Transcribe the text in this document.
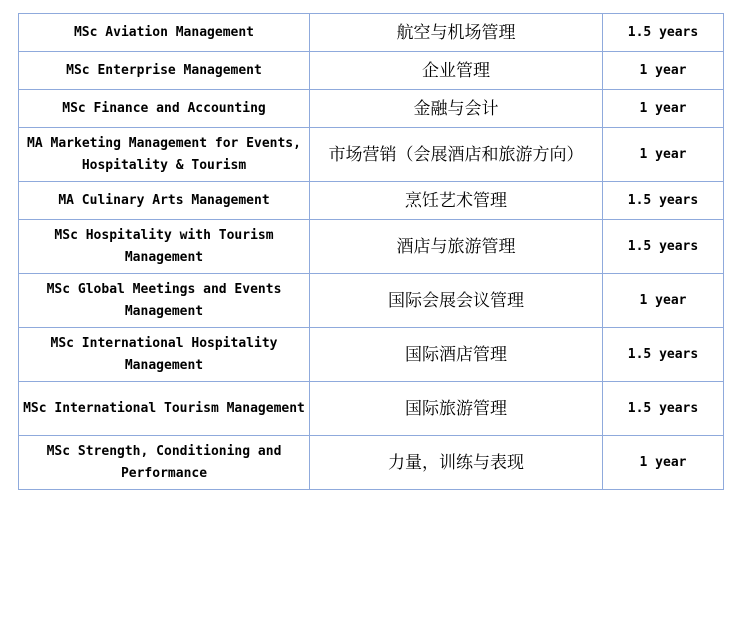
MSc Aviation Management	航空与机场管理	1.5 years
MSc Enterprise Management	企业管理	1 year
MSc Finance and Accounting	金融与会计	1 year
MA Marketing Management for Events, Hospitality & Tourism	市场营销（会展酒店和旅游方向）	1 year
MA Culinary Arts Management	烹饪艺术管理	1.5 years
MSc Hospitality with Tourism Management	酒店与旅游管理	1.5 years
MSc Global Meetings and Events Management	国际会展会议管理	1 year
MSc International Hospitality Management	国际酒店管理	1.5 years
MSc International Tourism Management	国际旅游管理	1.5 years
MSc Strength, Conditioning and Performance	力量，训练与表现	1 year
